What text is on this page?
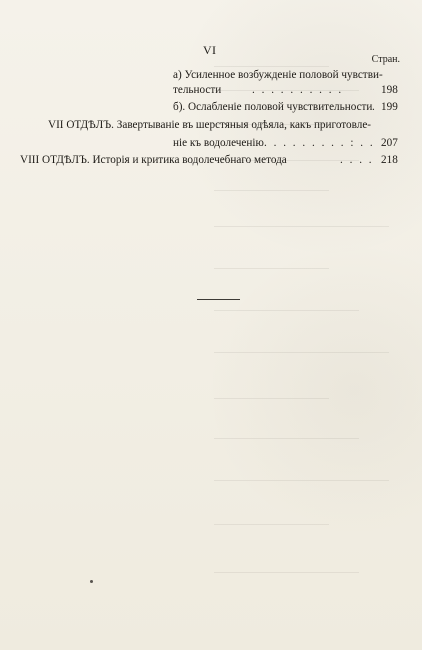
VI
Стран.
а) Усиленное возбужденiе половой чувстви-
тельности	. . . . . . . . . .	198
б). Ослабленiе половой чувствительности . 199
VII ОТДѢЛЪ. Завертыванiе въ шерстяныя одѣяла, какъ приготовле-
нiе къ водолеченiю . . . . . . . . . : . . 207
VIII ОТДѢЛЪ. Исторiя и критика водолечебнаго метода	. . . . 218
